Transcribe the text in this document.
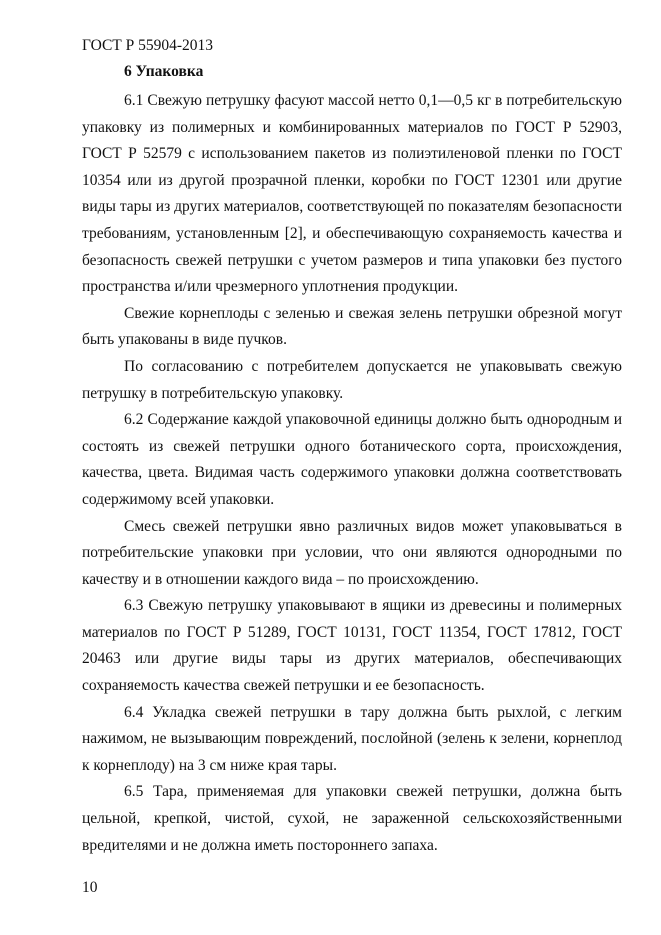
ГОСТ Р 55904-2013
6 Упаковка

6.1 Свежую петрушку фасуют массой нетто 0,1—0,5 кг в потребительскую упаковку из полимерных и комбинированных материалов по ГОСТ Р 52903, ГОСТ Р 52579 с использованием пакетов из полиэтиленовой пленки по ГОСТ 10354 или из другой прозрачной пленки, коробки по ГОСТ 12301 или другие виды тары из других материалов, соответствующей по показателям безопасности требованиям, установленным [2], и обеспечивающую сохраняемость качества и безопасность свежей петрушки с учетом размеров и типа упаковки без пустого пространства и/или чрезмерного уплотнения продукции.

Свежие корнеплоды с зеленью и свежая зелень петрушки обрезной могут быть упакованы в виде пучков.

По согласованию с потребителем допускается не упаковывать свежую петрушку в потребительскую упаковку.

6.2 Содержание каждой упаковочной единицы должно быть однородным и состоять из свежей петрушки одного ботанического сорта, происхождения, качества, цвета. Видимая часть содержимого упаковки должна соответствовать содержимому всей упаковки.

Смесь свежей петрушки явно различных видов может упаковываться в потребительские упаковки при условии, что они являются однородными по качеству и в отношении каждого вида – по происхождению.

6.3 Свежую петрушку упаковывают в ящики из древесины и полимерных материалов по ГОСТ Р 51289, ГОСТ 10131, ГОСТ 11354, ГОСТ 17812, ГОСТ 20463 или другие виды тары из других материалов, обеспечивающих сохраняемость качества свежей петрушки и ее безопасность.

6.4 Укладка свежей петрушки в тару должна быть рыхлой, с легким нажимом, не вызывающим повреждений, послойной (зелень к зелени, корнеплод к корнеплоду) на 3 см ниже края тары.

6.5 Тара, применяемая для упаковки свежей петрушки, должна быть цельной, крепкой, чистой, сухой, не зараженной сельскохозяйственными вредителями и не должна иметь постороннего запаха.

10
